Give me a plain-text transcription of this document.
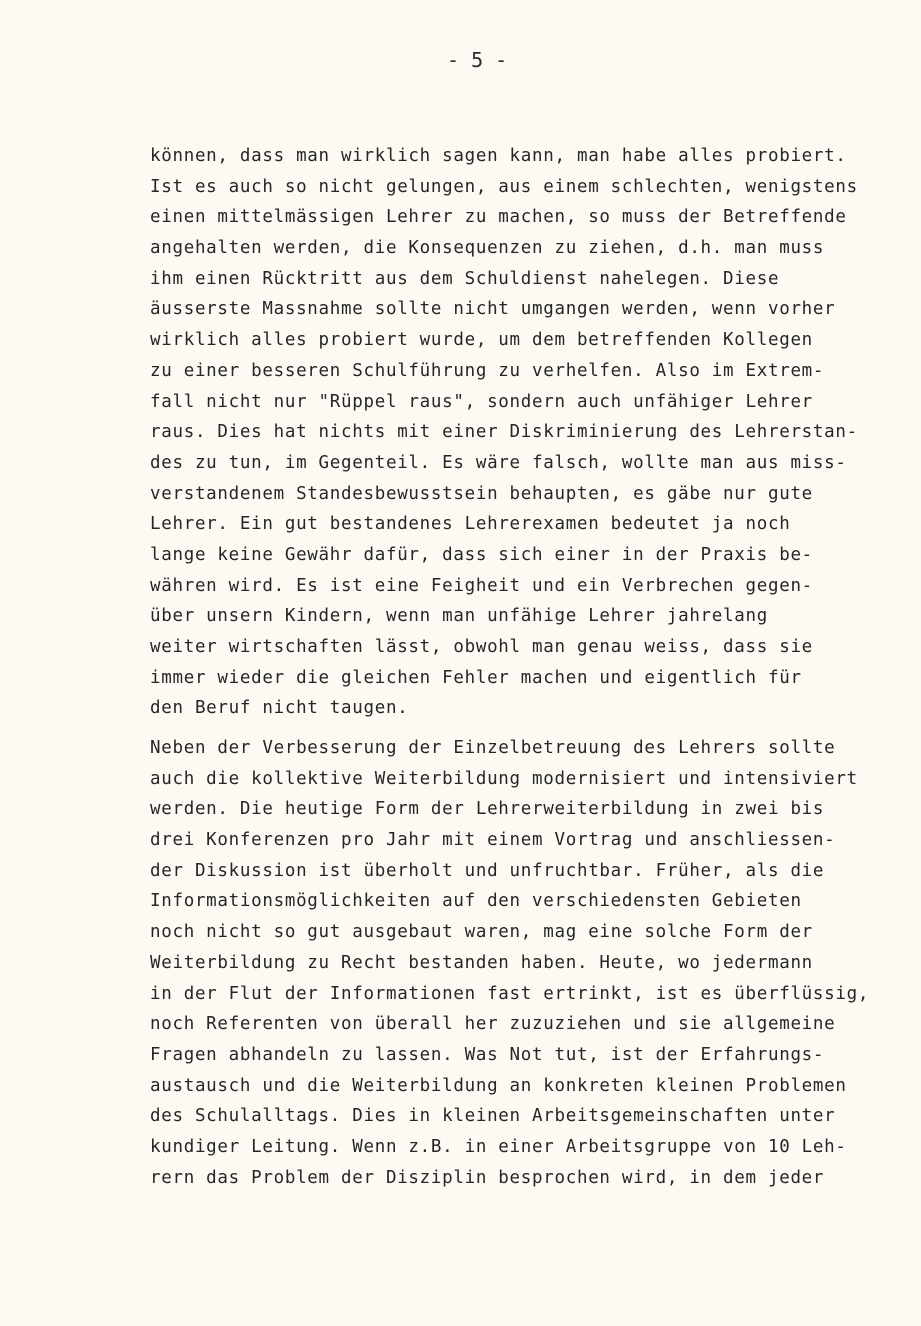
- 5 -
können, dass man wirklich sagen kann, man habe alles probiert.
Ist es auch so nicht gelungen, aus einem schlechten, wenigstens
einen mittelmässigen Lehrer zu machen, so muss der Betreffende
angehalten werden, die Konsequenzen zu ziehen, d.h. man muss
ihm einen Rücktritt aus dem Schuldienst nahelegen. Diese
äusserste Massnahme sollte nicht umgangen werden, wenn vorher
wirklich alles probiert wurde, um dem betreffenden Kollegen
zu einer besseren Schulführung zu verhelfen. Also im Extrem-
fall nicht nur "Rüppel raus", sondern auch unfähiger Lehrer
raus. Dies hat nichts mit einer Diskriminierung des Lehrerstan-
des zu tun, im Gegenteil. Es wäre falsch, wollte man aus miss-
verstandenem Standesbewusstsein behaupten, es gäbe nur gute
Lehrer. Ein gut bestandenes Lehrerexamen bedeutet ja noch
lange keine Gewähr dafür, dass sich einer in der Praxis be-
währen wird. Es ist eine Feigheit und ein Verbrechen gegen-
über unsern Kindern, wenn man unfähige Lehrer jahrelang
weiter wirtschaften lässt, obwohl man genau weiss, dass sie
immer wieder die gleichen Fehler machen und eigentlich für
den Beruf nicht taugen.
Neben der Verbesserung der Einzelbetreuung des Lehrers sollte
auch die kollektive Weiterbildung modernisiert und intensiviert
werden. Die heutige Form der Lehrerweiterbildung in zwei bis
drei Konferenzen pro Jahr mit einem Vortrag und anschliessen-
der Diskussion ist überholt und unfruchtbar. Früher, als die
Informationsmöglichkeiten auf den verschiedensten Gebieten
noch nicht so gut ausgebaut waren, mag eine solche Form der
Weiterbildung zu Recht bestanden haben. Heute, wo jedermann
in der Flut der Informationen fast ertrinkt, ist es überflüssig,
noch Referenten von überall her zuzuziehen und sie allgemeine
Fragen abhandeln zu lassen. Was Not tut, ist der Erfahrungs-
austausch und die Weiterbildung an konkreten kleinen Problemen
des Schulalltags. Dies in kleinen Arbeitsgemeinschaften unter
kundiger Leitung. Wenn z.B. in einer Arbeitsgruppe von 10 Leh-
rern das Problem der Disziplin besprochen wird, in dem jeder
